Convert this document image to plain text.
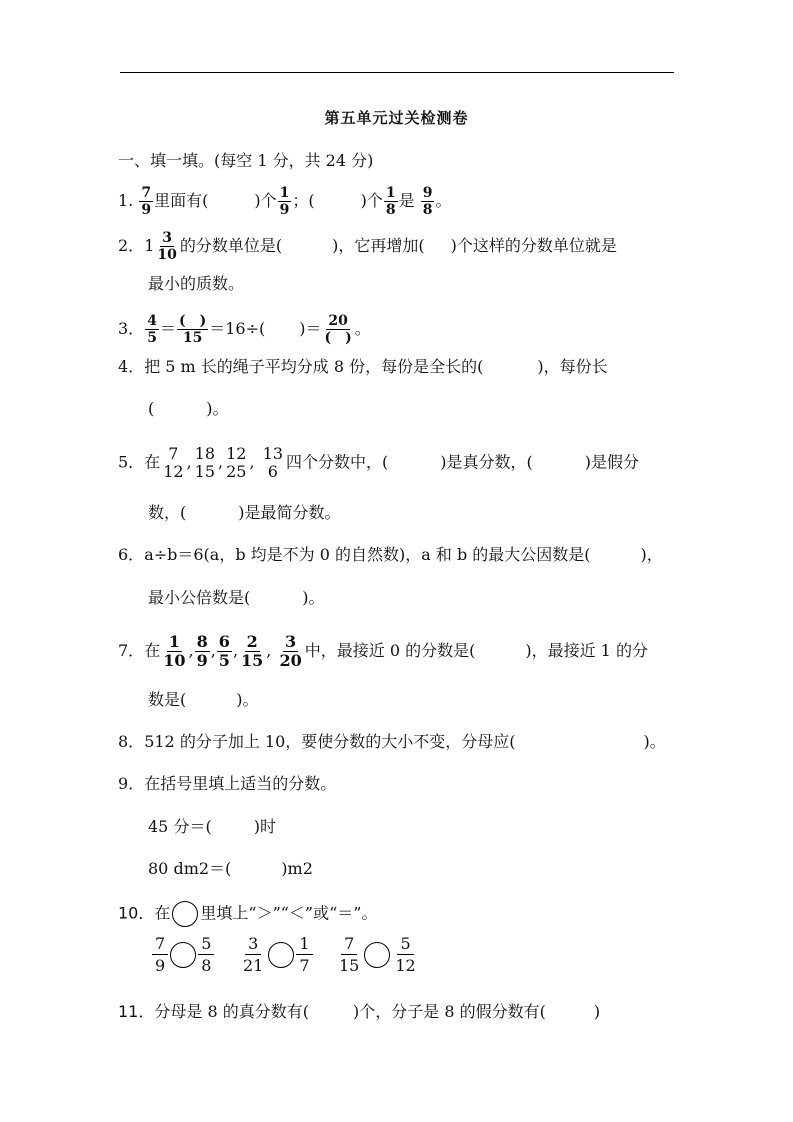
第五单元过关检测卷
一、填一填。(每空 1 分，共 24 分)
1. $\frac{7}{9}$ 里面有(	)个 $\frac{1}{9}$ ；(	)个 $\frac{1}{8}$ 是 $\frac{9}{8}$ 。
2．$1 \frac{3}{10}$ 的分数单位是(	)，它再增加( )个这样的分数单位就是
最小的质数。
3． $\frac{4}{5} = \frac{( )}{15} =16\div$( )＝ $\frac{20}{( )}$ 。
4．把 5 m 长的绳子平均分成 8 份，每份是全长的(	)，每份长
(	)。
5．在 7
12 , 18
15 , 12
25 , 13
6 四个分数中，(	)是真分数，(	)是假分
数，(	)是最简分数。
6．a÷b＝6(a，b 均是不为 0 的自然数)，a 和 b 的最大公因数是(	)，
最小公倍数是(	)。
7．在 $\frac{1}{10}$ , $\frac{8}{9}$ , $\frac{6}{5}$ , $\frac{2}{15}$ , $\frac{3}{20}$ 中，最接近 0 的分数是(	)，最接近 1 的分
数是(	)。
8．512 的分子加上 10，要使分数的大小不变，分母应(	)。
9．在括号里填上适当的分数。
45 分＝(	)时
80 dm2＝(	)m2
10．在 里填上“＞”“＜”或“＝”。
$\frac{7}{9} \frac{5}{8} \frac{3}{21} \frac{1}{7} \frac{7}{15} \frac{5}{12}$
11．分母是 8 的真分数有(	)个，分子是 8 的假分数有(	)
